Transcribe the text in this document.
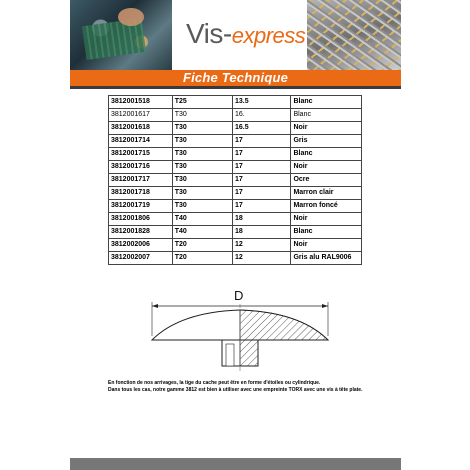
Vis-express
Fiche Technique
3812001518	T25	13.5	Blanc
3812001617	T30	16.	Blanc
3812001618	T30	16.5	Noir
3812001714	T30	17	Gris
3812001715	T30	17	Blanc
3812001716	T30	17	Noir
3812001717	T30	17	Ocre
3812001718	T30	17	Marron clair
3812001719	T30	17	Marron foncé
3812001806	T40	18	Noir
3812001828	T40	18	Blanc
3812002006	T20	12	Noir
3812002007	T20	12	Gris alu RAL9006
D

En fonction de nos arrivages, la tige du cache peut être en forme d'étoiles ou cylindrique.

Dans tous les cas, notre gamme 3812 est bien à utiliser avec une empreinte TORX avec une vis à tête plate.
